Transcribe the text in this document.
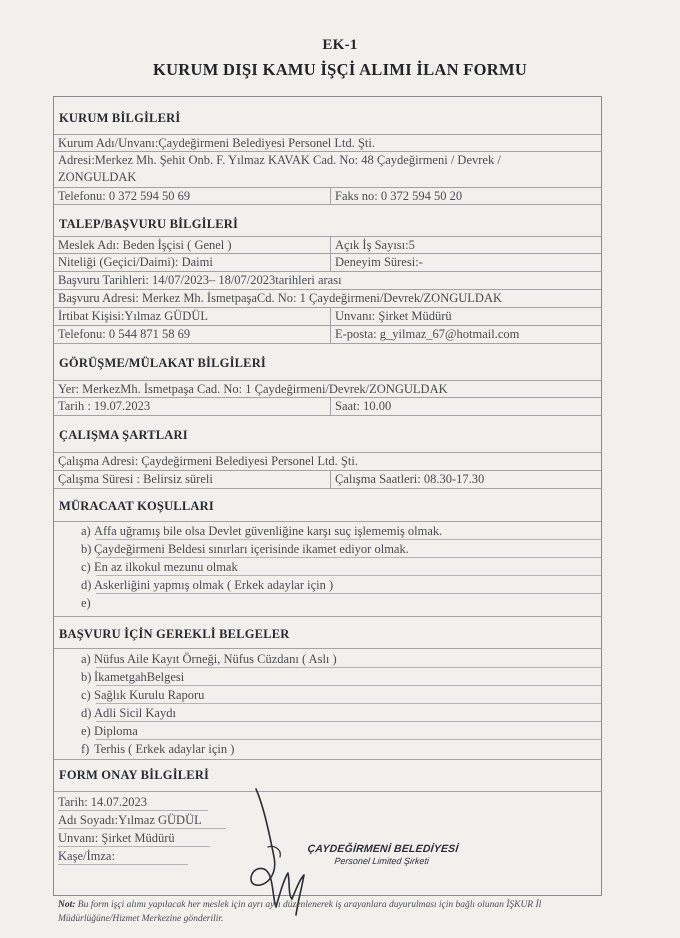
EK-1
KURUM DIŞI KAMU İŞÇİ ALIMI İLAN FORMU
KURUM BİLGİLERİ
Kurum Adı/Unvanı:Çaydeğirmeni Belediyesi Personel Ltd. Şti.
Adresi:Merkez Mh. Şehit Onb. F. Yılmaz KAVAK Cad. No: 48 Çaydeğirmeni / Devrek /
ZONGULDAK
Telefonu: 0 372 594 50 69	Faks no: 0 372 594 50 20
TALEP/BAŞVURU BİLGİLERİ
Meslek Adı: Beden İşçisi ( Genel )	Açık İş Sayısı:5
Niteliği (Geçici/Daimi): Daimi	Deneyim Süresi:-
Başvuru Tarihleri: 14/07/2023– 18/07/2023tarihleri arası
Başvuru Adresi: Merkez Mh. İsmetpaşaCd. No: 1 Çaydeğirmeni/Devrek/ZONGULDAK
İrtibat Kişisi:Yılmaz GÜDÜL	Unvanı: Şirket Müdürü
Telefonu: 0 544 871 58 69	E-posta: g_yilmaz_67@hotmail.com
GÖRÜŞME/MÜLAKAT BİLGİLERİ
Yer: MerkezMh. İsmetpaşa Cad. No: 1 Çaydeğirmeni/Devrek/ZONGULDAK
Tarih : 19.07.2023	Saat: 10.00
ÇALIŞMA ŞARTLARI
Çalışma Adresi: Çaydeğirmeni Belediyesi Personel Ltd. Şti.
Çalışma Süresi : Belirsiz süreli	Çalışma Saatleri: 08.30-17.30
MÜRACAAT KOŞULLARI
a) Affa uğramış bile olsa Devlet güvenliğine karşı suç işlememiş olmak.
b) Çaydeğirmeni Beldesi sınırları içerisinde ikamet ediyor olmak.
c) En az ilkokul mezunu olmak
d) Askerliğini yapmış olmak ( Erkek adaylar için )
e)
BAŞVURU İÇİN GEREKLİ BELGELER
a) Nüfus Aile Kayıt Örneği, Nüfus Cüzdanı ( Aslı )
b) İkametgahBelgesi
c) Sağlık Kurulu Raporu
d) Adli Sicil Kaydı
e) Diploma
f) Terhis ( Erkek adaylar için )
FORM ONAY BİLGİLERİ
Tarih: 14.07.2023
Adı Soyadı:Yılmaz GÜDÜL
Unvanı: Şirket Müdürü
Kaşe/İmza:	ÇAYDEĞİRMENİ BELEDİYESİ
Personel Limited Şirketi
Not: Bu form işçi alımı yapılacak her meslek için ayrı ayrı düzenlenerek iş arayanlara duyurulması için bağlı olunan İŞKUR İl Müdürlüğüne/Hizmet Merkezine gönderilir.
